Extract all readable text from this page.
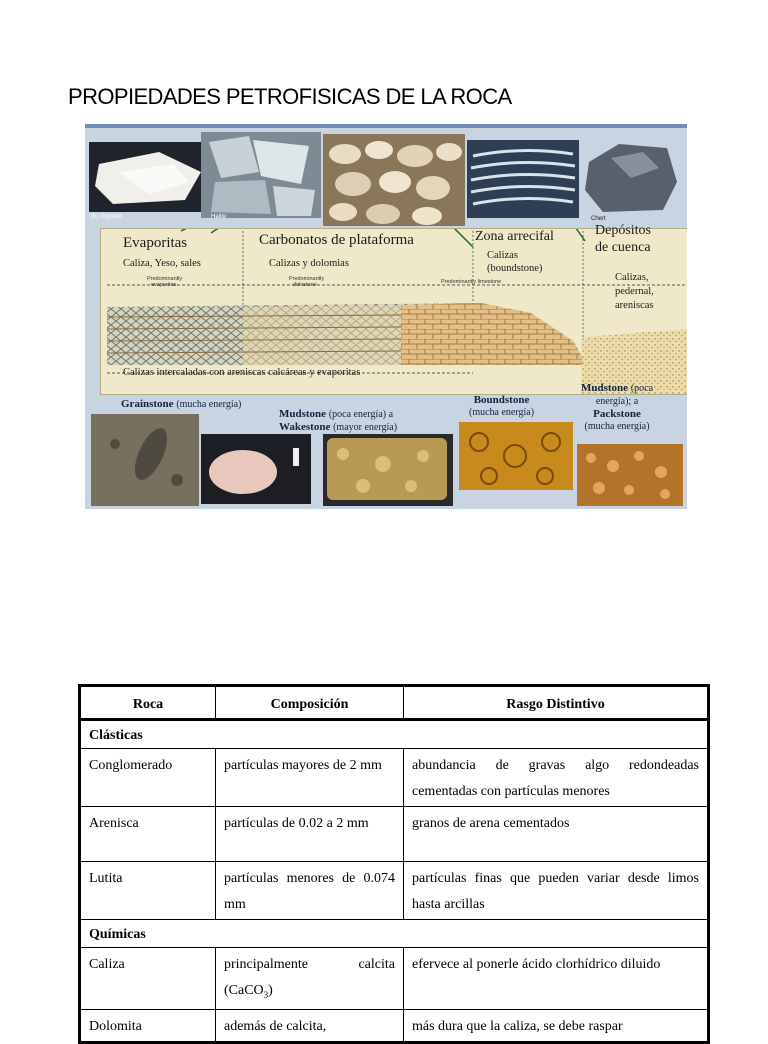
PROPIEDADES PETROFISICAS DE LA ROCA
(b) Gypsum	Halite	Chert
Evaporitas
Caliza, Yeso, sales
Predominantly
evaporites
Carbonatos de plataforma
Calizas y dolomias
Predominantly
dolostone
Zona arrecifal
Calizas
(boundstone)
Predominantly limestone
Depósitos
de cuenca
Calizas,
pedernal,
areniscas
Calizas intercaladas con areniscas calcáreas y evaporitas
Grainstone (mucha energía)
Mudstone (poca energía) a
Wakestone (mayor energía)
Boundstone
(mucha energía)
Mudstone (poca
energía); a
Packstone
(mucha energía)
Roca	Composición	Rasgo Distintivo
Clásticas		
Conglomerado	partículas mayores de 2 mm	abundancia de gravas algo redondeadas cementadas con partículas menores
Arenisca	partículas de 0.02 a 2 mm	granos de arena cementados
Lutita	partículas menores de 0.074 mm	partículas finas que pueden variar desde limos hasta arcillas
Químicas		
Caliza	principalmente calcita (CaCO$_3$)	efervece al ponerle ácido clorhídrico diluido
Dolomita	además de calcita,	más dura que la caliza, se debe raspar
